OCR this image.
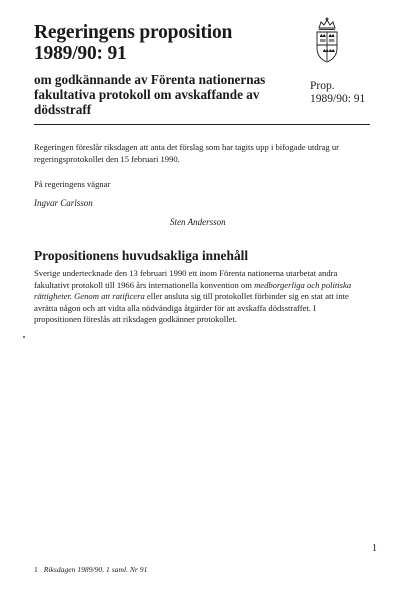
Regeringens proposition
1989/90: 91
om godkännande av Förenta nationernas fakultativa protokoll om avskaffande av dödsstraff
Prop.
1989/90: 91
Regeringen föreslår riksdagen att anta det förslag som har tagits upp i bifogade utdrag ur regeringsprotokollet den 15 februari 1990.
På regeringens vägnar
Ingvar Carlsson
Sten Andersson
Propositionens huvudsakliga innehåll
Sverige undertecknade den 13 februari 1990 ett inom Förenta nationerna utarbetat andra fakultativt protokoll till 1966 års internationella konvention om medborgerliga och politiska rättigheter. Genom att ratificera eller ansluta sig till protokollet förbinder sig en stat att inte avrätta någon och att vidta alla nödvändiga åtgärder för att avskaffa dödsstraffet. I propositionen föreslås att riksdagen godkänner protokollet.
1
1 Riksdagen 1989/90. 1 saml. Nr 91
